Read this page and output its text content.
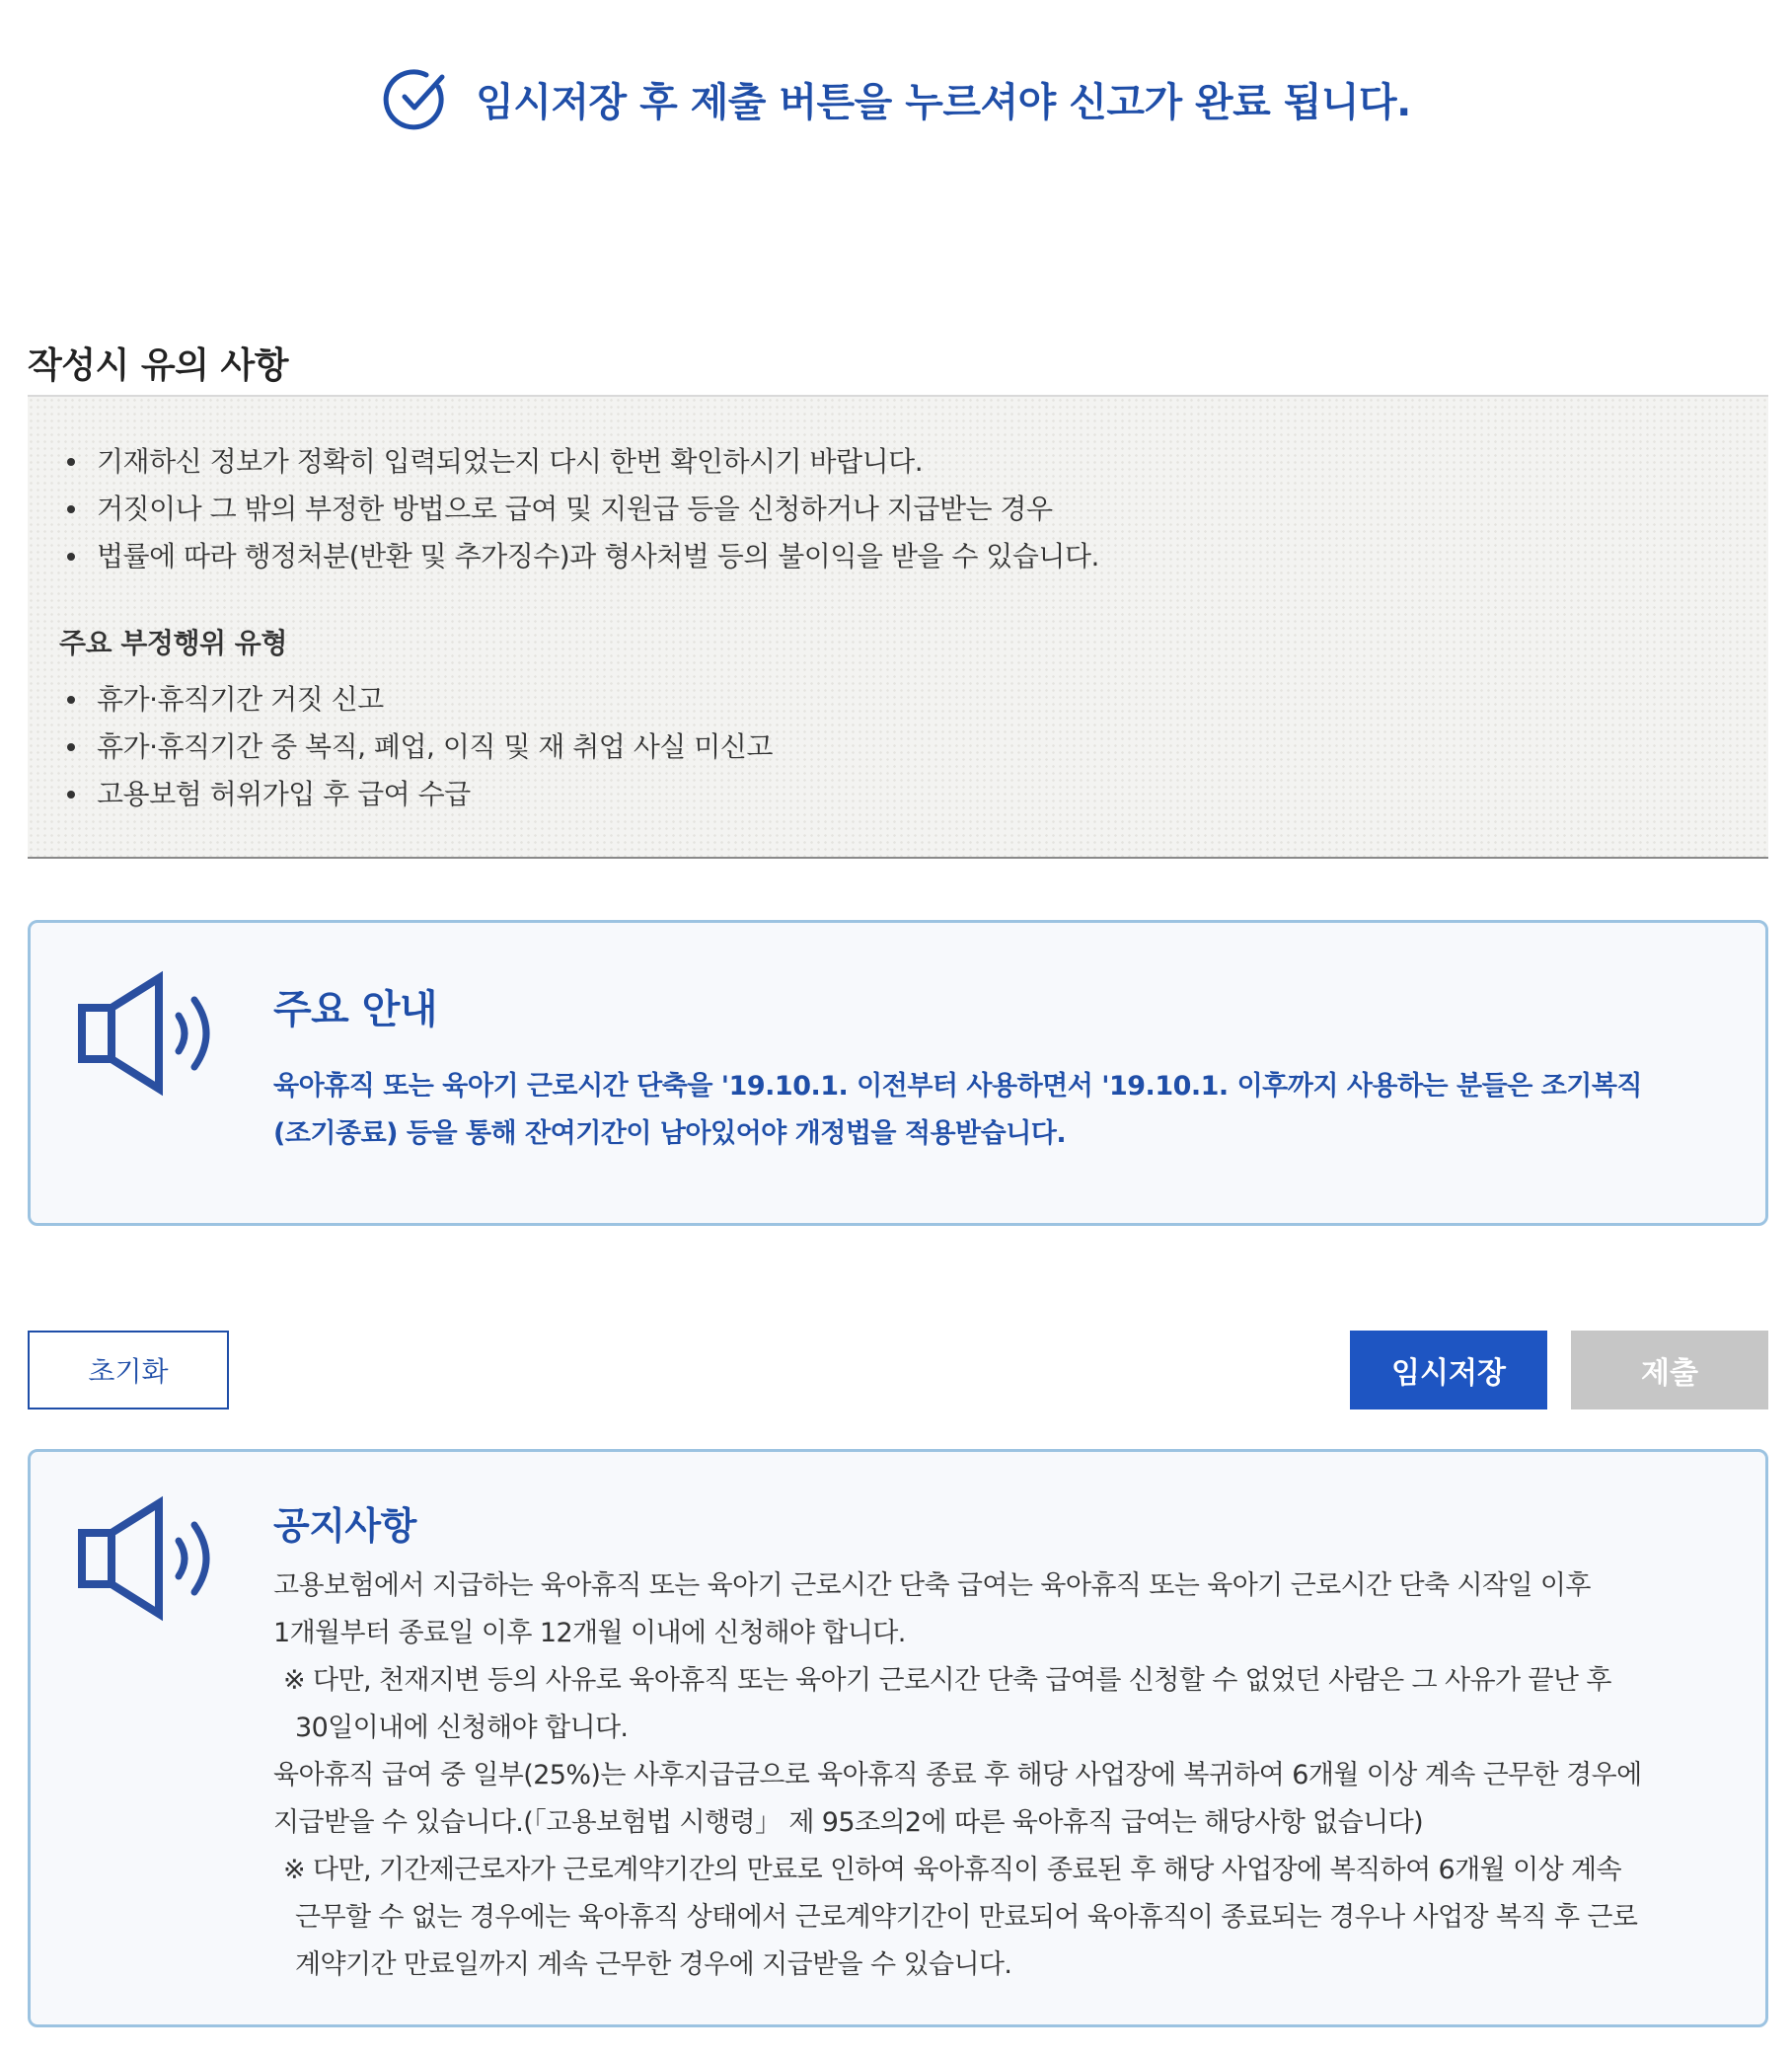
임시저장 후 제출 버튼을 누르셔야 신고가 완료 됩니다.
작성시 유의 사항
기재하신 정보가 정확히 입력되었는지 다시 한번 확인하시기 바랍니다.
거짓이나 그 밖의 부정한 방법으로 급여 및 지원급 등을 신청하거나 지급받는 경우
법률에 따라 행정처분(반환 및 추가징수)과 형사처벌 등의 불이익을 받을 수 있습니다.
주요 부정행위 유형
휴가·휴직기간 거짓 신고
휴가·휴직기간 중 복직, 폐업, 이직 및 재 취업 사실 미신고
고용보험 허위가입 후 급여 수급
주요 안내
육아휴직 또는 육아기 근로시간 단축을 '19.10.1. 이전부터 사용하면서 '19.10.1. 이후까지 사용하는 분들은 조기복직
(조기종료) 등을 통해 잔여기간이 남아있어야 개정법을 적용받습니다.
초기화	임시저장	제출
공지사항
고용보험에서 지급하는 육아휴직 또는 육아기 근로시간 단축 급여는 육아휴직 또는 육아기 근로시간 단축 시작일 이후
1개월부터 종료일 이후 12개월 이내에 신청해야 합니다.
※ 다만, 천재지변 등의 사유로 육아휴직 또는 육아기 근로시간 단축 급여를 신청할 수 없었던 사람은 그 사유가 끝난 후
30일이내에 신청해야 합니다.
육아휴직 급여 중 일부(25%)는 사후지급금으로 육아휴직 종료 후 해당 사업장에 복귀하여 6개월 이상 계속 근무한 경우에
지급받을 수 있습니다.(「고용보험법 시행령」 제 95조의2에 따른 육아휴직 급여는 해당사항 없습니다)
※ 다만, 기간제근로자가 근로계약기간의 만료로 인하여 육아휴직이 종료된 후 해당 사업장에 복직하여 6개월 이상 계속
근무할 수 없는 경우에는 육아휴직 상태에서 근로계약기간이 만료되어 육아휴직이 종료되는 경우나 사업장 복직 후 근로
계약기간 만료일까지 계속 근무한 경우에 지급받을 수 있습니다.
